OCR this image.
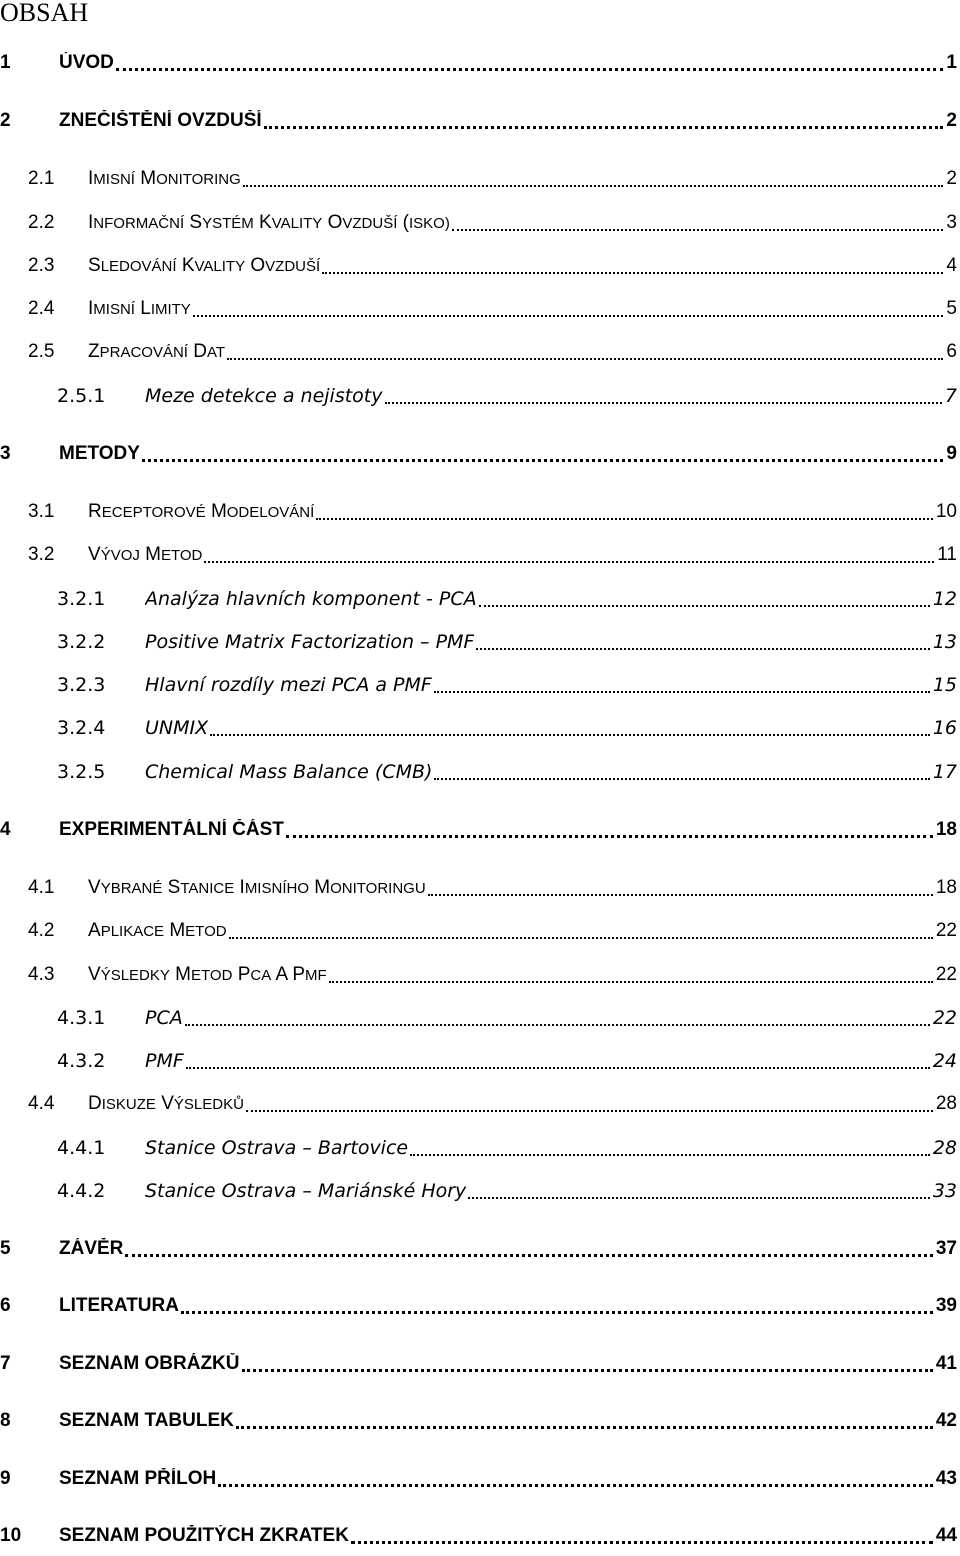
OBSAH
1	ÚVOD	1
2	ZNEČIŠTĚNÍ OVZDUŠÍ	2
2.1	IMISNÍ MONITORING	2
2.2	INFORMAČNÍ SYSTÉM KVALITY OVZDUŠÍ (ISKO)	3
2.3	SLEDOVÁNÍ KVALITY OVZDUŠÍ	4
2.4	IMISNÍ LIMITY	5
2.5	ZPRACOVÁNÍ DAT	6
2.5.1	Meze detekce a nejistoty	7
3	METODY	9
3.1	RECEPTOROVÉ MODELOVÁNÍ	10
3.2	VÝVOJ METOD	11
3.2.1	Analýza hlavních komponent - PCA	12
3.2.2	Positive Matrix Factorization – PMF	13
3.2.3	Hlavní rozdíly mezi PCA a PMF	15
3.2.4	UNMIX	16
3.2.5	Chemical Mass Balance (CMB)	17
4	EXPERIMENTÁLNÍ ČÁST	18
4.1	VYBRANÉ STANICE IMISNÍHO MONITORINGU	18
4.2	APLIKACE METOD	22
4.3	VÝSLEDKY METOD PCA A PMF	22
4.3.1	PCA	22
4.3.2	PMF	24
4.4	DISKUZE VÝSLEDKŮ	28
4.4.1	Stanice Ostrava – Bartovice	28
4.4.2	Stanice Ostrava – Mariánské Hory	33
5	ZÁVĚR	37
6	LITERATURA	39
7	SEZNAM OBRÁZKŮ	41
8	SEZNAM TABULEK	42
9	SEZNAM PŘÍLOH	43
10	SEZNAM POUŽITÝCH ZKRATEK	44
